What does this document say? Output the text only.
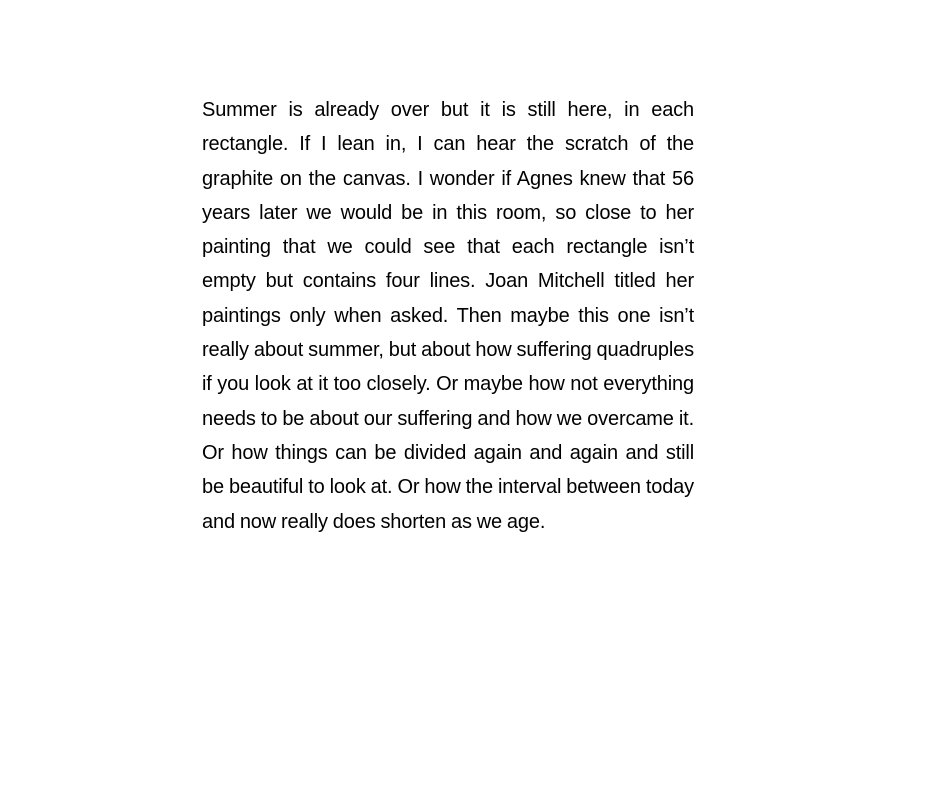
Summer is already over but it is still here, in each rectangle. If I lean in, I can hear the scratch of the graphite on the canvas. I wonder if Agnes knew that 56 years later we would be in this room, so close to her painting that we could see that each rectangle isn’t empty but contains four lines. Joan Mitchell titled her paintings only when asked. Then maybe this one isn’t really about summer, but about how suffering quadruples if you look at it too closely. Or maybe how not everything needs to be about our suffering and how we overcame it. Or how things can be divided again and again and still be beautiful to look at. Or how the interval between today and now really does shorten as we age.
